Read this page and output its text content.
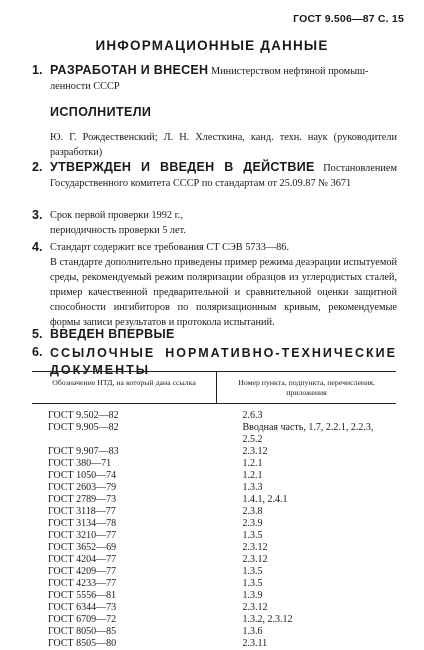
ГОСТ 9.506—87 С. 15
ИНФОРМАЦИОННЫЕ ДАННЫЕ
1. РАЗРАБОТАН И ВНЕСЕН Министерством нефтяной промыш-
ленности СССР
ИСПОЛНИТЕЛИ
Ю. Г. Рождественский; Л. Н. Хлесткина, канд. техн. наук (руководители разработки)
2. УТВЕРЖДЕН И ВВЕДЕН В ДЕЙСТВИЕ Постановлением Государственного комитета СССР по стандартам от 25.09.87 № 3671
3. Срок первой проверки 1992 г.,
периодичность проверки 5 лет.
4. Стандарт содержит все требования СТ СЭВ 5733—86.
В стандарте дополнительно приведены пример режима деаэрации испытуемой среды, рекомендуемый режим поляризации образцов из углеродистых сталей, пример качественной предварительной и сравнительной оценки защитной способности ингибиторов по поляризационным кривым, рекомендуемые формы записи результатов и протокола испытаний.
5. ВВЕДЕН ВПЕРВЫЕ
6. ССЫЛОЧНЫЕ НОРМАТИВНО-ТЕХНИЧЕСКИЕ ДОКУМЕНТЫ
Обозначение НТД, на который дана ссылка	Номер пункта, подпункта, перечисления, приложения
ГОСТ 9.502—82	2.6.3
ГОСТ 9.905—82	Вводная часть, 1.7, 2.2.1, 2.2.3,
	2.5.2
ГОСТ 9.907—83	2.3.12
ГОСТ 380—71	1.2.1
ГОСТ 1050—74	1.2.1
ГОСТ 2603—79	1.3.3
ГОСТ 2789—73	1.4.1, 2.4.1
ГОСТ 3118—77	2.3.8
ГОСТ 3134—78	2.3.9
ГОСТ 3210—77	1.3.5
ГОСТ 3652—69	2.3.12
ГОСТ 4204—77	2.3.12
ГОСТ 4209—77	1.3.5
ГОСТ 4233—77	1.3.5
ГОСТ 5556—81	1.3.9
ГОСТ 6344—73	2.3.12
ГОСТ 6709—72	1.3.2, 2.3.12
ГОСТ 8050—85	1.3.6
ГОСТ 8505—80	2.3.11
